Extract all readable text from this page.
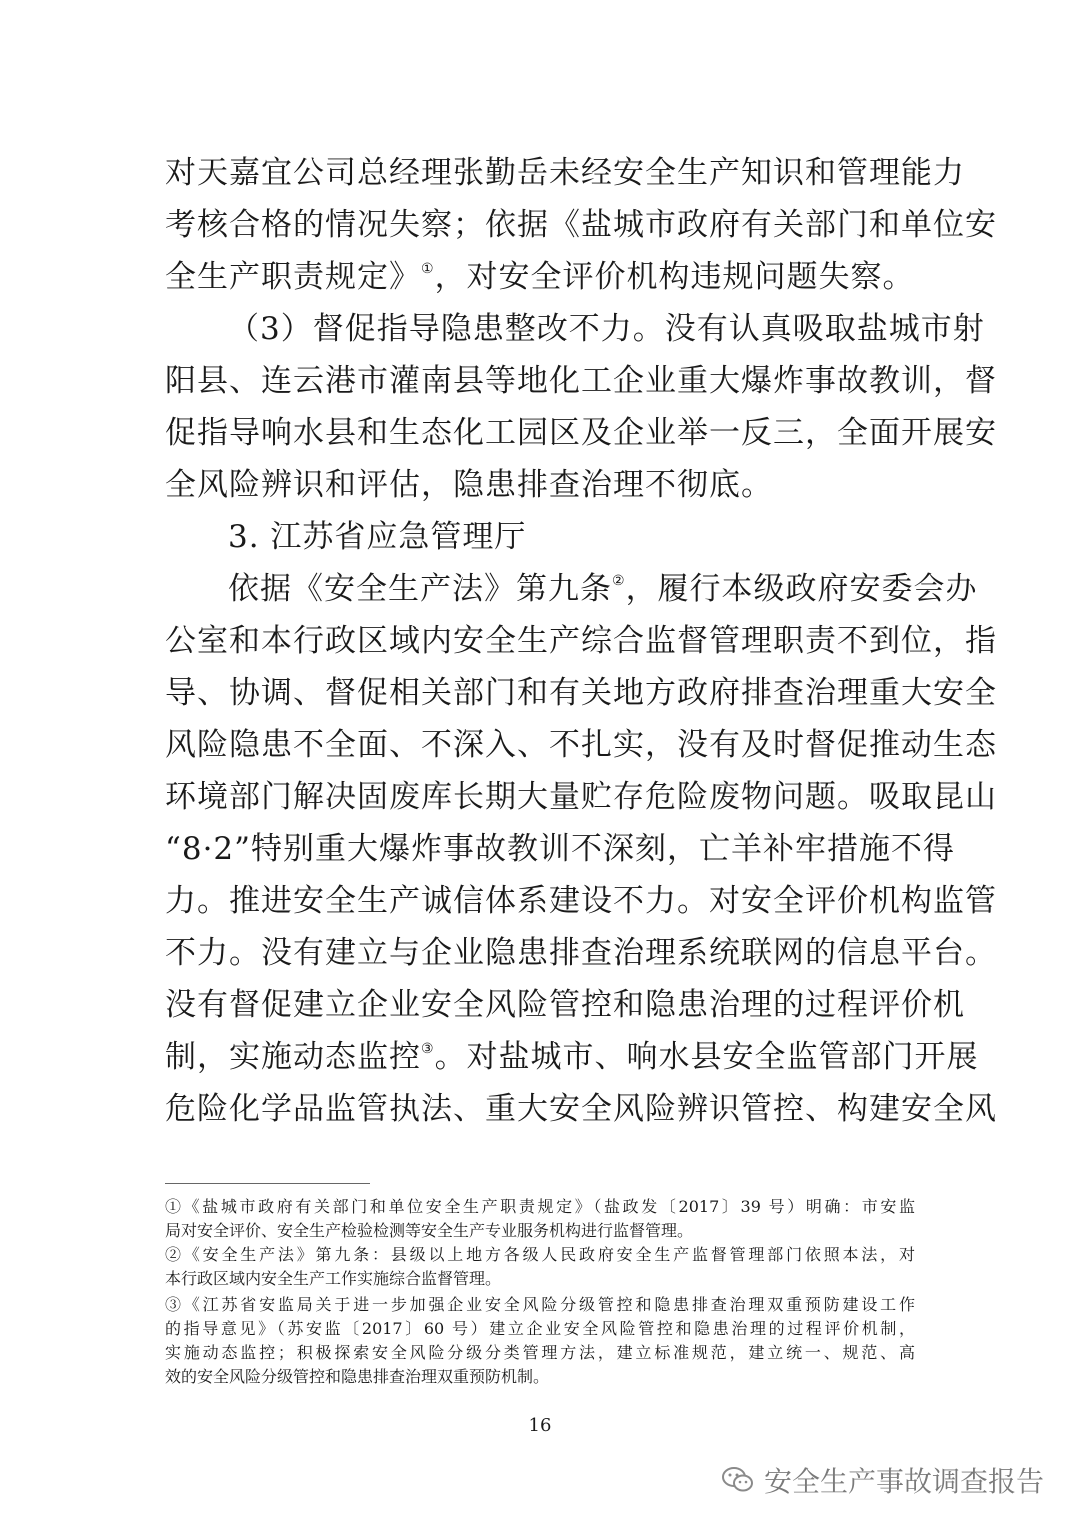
对天嘉宜公司总经理张勤岳未经安全生产知识和管理能力
考核合格的情况失察；依据《盐城市政府有关部门和单位安
全生产职责规定》①，对安全评价机构违规问题失察。
（3）督促指导隐患整改不力。没有认真吸取盐城市射
阳县、连云港市灌南县等地化工企业重大爆炸事故教训，督
促指导响水县和生态化工园区及企业举一反三，全面开展安
全风险辨识和评估，隐患排查治理不彻底。
3. 江苏省应急管理厅
依据《安全生产法》第九条②，履行本级政府安委会办
公室和本行政区域内安全生产综合监督管理职责不到位，指
导、协调、督促相关部门和有关地方政府排查治理重大安全
风险隐患不全面、不深入、不扎实，没有及时督促推动生态
环境部门解决固废库长期大量贮存危险废物问题。吸取昆山
“8·2”特别重大爆炸事故教训不深刻，亡羊补牢措施不得
力。推进安全生产诚信体系建设不力。对安全评价机构监管
不力。没有建立与企业隐患排查治理系统联网的信息平台。
没有督促建立企业安全风险管控和隐患治理的过程评价机
制，实施动态监控③。对盐城市、响水县安全监管部门开展
危险化学品监管执法、重大安全风险辨识管控、构建安全风
①《盐城市政府有关部门和单位安全生产职责规定》（盐政发〔2017〕39 号）明确：市安监
局对安全评价、安全生产检验检测等安全生产专业服务机构进行监督管理。
②《安全生产法》第九条：县级以上地方各级人民政府安全生产监督管理部门依照本法，对
本行政区域内安全生产工作实施综合监督管理。
③《江苏省安监局关于进一步加强企业安全风险分级管控和隐患排查治理双重预防建设工作
的指导意见》（苏安监〔2017〕60 号）建立企业安全风险管控和隐患治理的过程评价机制，
实施动态监控；积极探索安全风险分级分类管理方法，建立标准规范，建立统一、规范、高
效的安全风险分级管控和隐患排查治理双重预防机制。
16
安全生产事故调查报告
